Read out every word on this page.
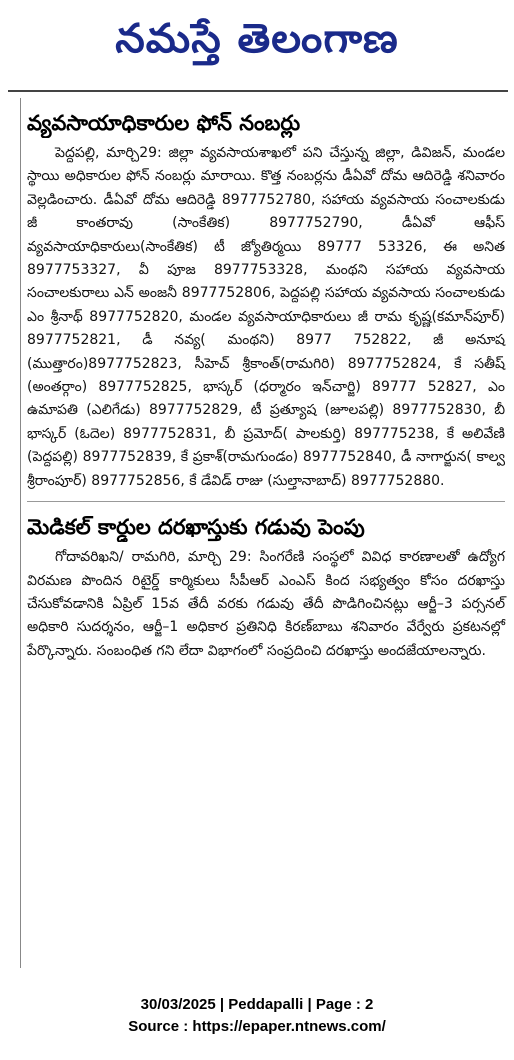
నమస్తే తెలంగాణ
వ్యవసాయాధికారుల ఫోన్ నంబర్లు

పెద్దపల్లి, మార్చి29: జిల్లా వ్యవసాయశాఖలో పని చేస్తున్న జిల్లా, డివిజన్, మండల స్థాయి అధికారుల ఫోన్ నంబర్లు మారాయి. కొత్త నంబర్లను డీఏవో దోమ ఆదిరెడ్డి శనివారం వెల్లడించారు. డీఏవో దోమ ఆదిరెడ్డి 8977752780, సహాయ వ్యవసాయ సంచాలకుడు జీ కాంతరావు (సాంకేతిక) 8977752790, డీఏవో ఆఫీస్ వ్యవసాయాధికారులు(సాంకేతిక) టీ జ్యోతిర్మయి 89777 53326, ఈ అనిత 8977753327, వీ పూజ 8977753328, మంథని సహాయ వ్యవసాయ సంచాలకురాలు ఎన్ అంజనీ 8977752806, పెద్దపల్లి సహాయ వ్యవసాయ సంచాలకుడు ఎం శ్రీనాథ్ 8977752820, మండల వ్యవసాయాధికారులు జీ రామ కృష్ణ(కమాన్‌పూర్) 8977752821, డీ నవ్య( మంథని) 8977 752822, జీ అనూష (ముత్తారం)8977752823, సీహెచ్ శ్రీకాంత్(రామగిరి) 8977752824, కే సతీష్ (అంతర్గాం) 8977752825, భాస్కర్ (ధర్మారం ఇన్‌చార్జి) 89777 52827, ఎం ఉమాపతి (ఎలిగేడు) 8977752829, టీ ప్రత్యూష (జూలపల్లి) 8977752830, బీ భాస్కర్ (ఓదెల) 8977752831, బీ ప్రమోద్( పాలకుర్తి) 897775238, కే అలివేణి (పెద్దపల్లి) 8977752839, కే ప్రకాశ్(రామగుండం) 8977752840, డీ నాగార్జున( కాల్వ శ్రీరాంపూర్) 8977752856, కే డేవిడ్ రాజు (సుల్తానాబాద్) 8977752880.

మెడికల్ కార్డుల దరఖాస్తుకు గడువు పెంపు

గోదావరిఖని/ రామగిరి, మార్చి 29: సింగరేణి సంస్థలో వివిధ కారణాలతో ఉద్యోగ విరమణ పొందిన రిటైర్డ్ కార్మికులు సీపీఆర్ ఎంఎస్ కింద సభ్యత్వం కోసం దరఖాస్తు చేసుకోవడానికి ఏప్రిల్ 15వ తేదీ వరకు గడువు తేదీ పొడిగించినట్లు ఆర్జీ–3 పర్సనల్ అధికారి సుదర్శనం, ఆర్జీ–1 అధికార ప్రతినిధి కిరణ్‌బాబు శనివారం వేర్వేరు ప్రకటనల్లో పేర్కొన్నారు. సంబంధిత గని లేదా విభాగంలో సంప్రదించి దరఖాస్తు అందజేయాలన్నారు.

30/03/2025 | Peddapalli | Page : 2
Source : https://epaper.ntnews.com/
